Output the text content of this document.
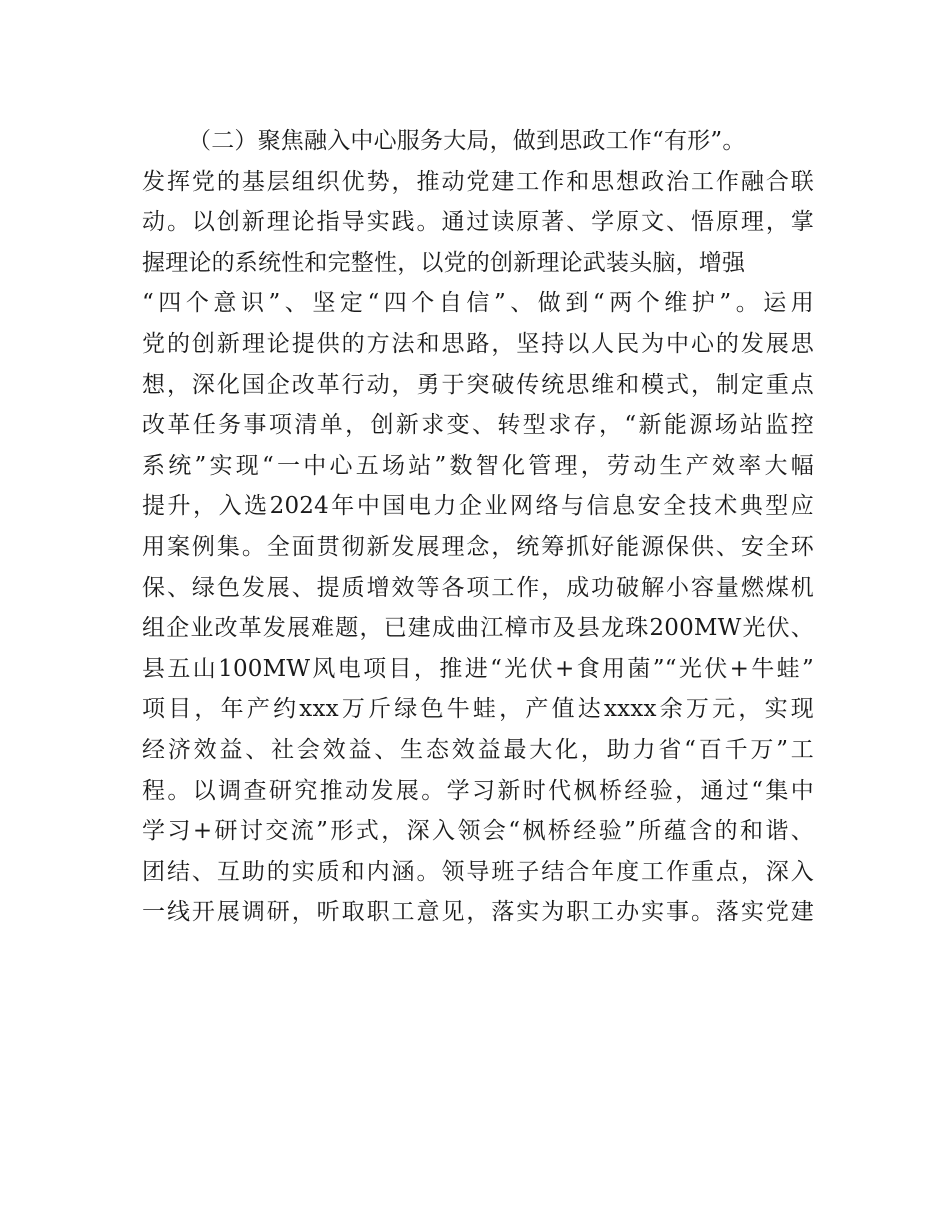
（二）聚焦融入中心服务大局，做到思政工作“有形”。
发挥党的基层组织优势，推动党建工作和思想政治工作融合联
动。以创新理论指导实践。通过读原著、学原文、悟原理，掌
握理论的系统性和完整性，以党的创新理论武装头脑，增强
“四个意识”、坚定“四个自信”、做到“两个维护”。运用
党的创新理论提供的方法和思路，坚持以人民为中心的发展思
想，深化国企改革行动，勇于突破传统思维和模式，制定重点
改革任务事项清单，创新求变、转型求存，“新能源场站监控
系统”实现“一中心五场站”数智化管理，劳动生产效率大幅
提升，入选2024年中国电力企业网络与信息安全技术典型应
用案例集。全面贯彻新发展理念，统筹抓好能源保供、安全环
保、绿色发展、提质增效等各项工作，成功破解小容量燃煤机
组企业改革发展难题，已建成曲江樟市及县龙珠200MW光伏、
县五山100MW风电项目，推进“光伏+食用菌”“光伏+牛蛙”
项目，年产约xxx万斤绿色牛蛙，产值达xxxx余万元，实现
经济效益、社会效益、生态效益最大化，助力省“百千万”工
程。以调查研究推动发展。学习新时代枫桥经验，通过“集中
学习+研讨交流”形式，深入领会“枫桥经验”所蕴含的和谐、
团结、互助的实质和内涵。领导班子结合年度工作重点，深入
一线开展调研，听取职工意见，落实为职工办实事。落实党建
